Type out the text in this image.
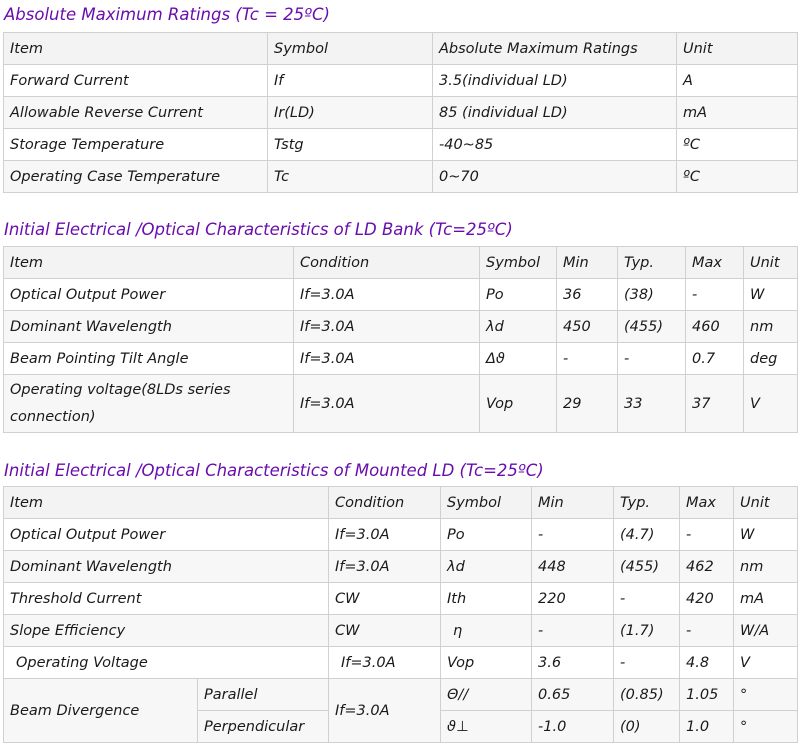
Absolute Maximum Ratings (Tc = 25ºC)
Item	Symbol	Absolute Maximum Ratings	Unit
Forward Current	If	3.5(individual LD)	A
Allowable Reverse Current	Ir(LD)	85 (individual LD)	mA
Storage Temperature	Tstg	-40~85	ºC
Operating Case Temperature	Tc	0~70	ºC
Initial Electrical /Optical Characteristics of LD Bank (Tc=25ºC)
Item	Condition	Symbol	Min	Typ.	Max	Unit
Optical Output Power	If=3.0A	Po	36	(38)	-	W
Dominant Wavelength	If=3.0A	λd	450	(455)	460	nm
Beam Pointing Tilt Angle	If=3.0A	Δϑ	-	-	0.7	deg
Operating voltage(8LDs series connection)	If=3.0A	Vop	29	33	37	V
Initial Electrical /Optical Characteristics of Mounted LD (Tc=25ºC)
Item		Condition	Symbol	Min	Typ.	Max	Unit
Optical Output Power		If=3.0A	Po	-	(4.7)	-	W
Dominant Wavelength		If=3.0A	λd	448	(455)	462	nm
Threshold Current		CW	Ith	220	-	420	mA
Slope Efficiency		CW	η	-	(1.7)	-	W/A
Operating Voltage		If=3.0A	Vop	3.6	-	4.8	V
Beam Divergence	Parallel	If=3.0A	Θ//	0.65	(0.85)	1.05	°
	Perpendicular		ϑ⊥	-1.0	(0)	1.0	°
